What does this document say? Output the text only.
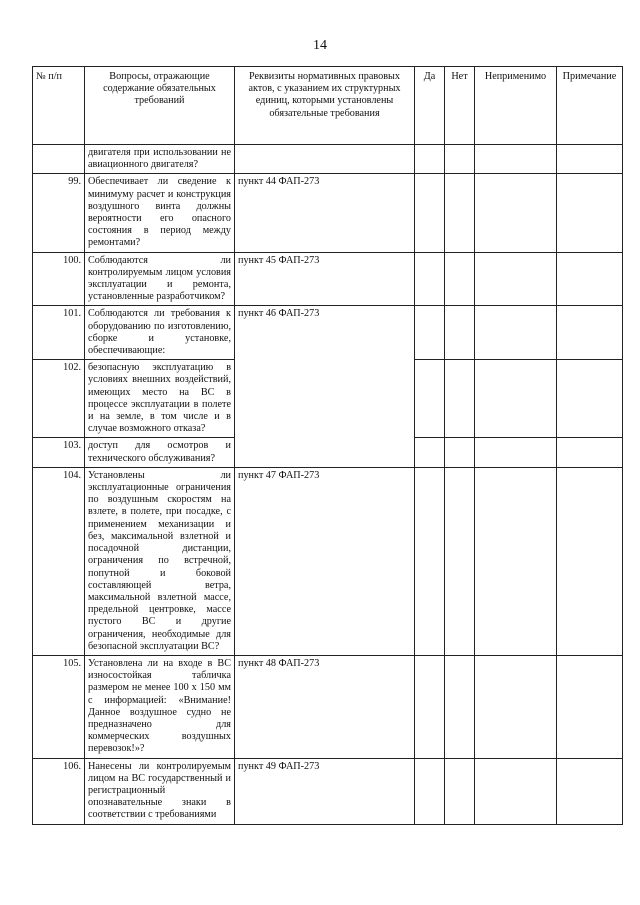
14
№ п/п	Вопросы, отражающие содержание обязательных требований	Реквизиты нормативных правовых актов, с указанием их структурных единиц, которыми установлены обязательные требования	Да	Нет	Неприменимо	Примечание
	двигателя при использовании не авиационного двигателя?					
99.	Обеспечивает ли сведение к минимуму расчет и конструкция воздушного винта должны вероятности его опасного состояния в период между ремонтами?	пункт 44 ФАП-273				
100.	Соблюдаются ли контролируемым лицом условия эксплуатации и ремонта, установленные разработчиком?	пункт 45 ФАП-273				
101.	Соблюдаются ли требования к оборудованию по изготовлению, сборке и установке, обеспечивающие:	пункт 46 ФАП-273				
102.	безопасную эксплуатацию в условиях внешних воздействий, имеющих место на ВС в процессе эксплуатации в полете и на земле, в том числе и в случае возможного отказа?					
103.	доступ для осмотров и технического обслуживания?					
104.	Установлены ли эксплуатационные ограничения по воздушным скоростям на взлете, в полете, при посадке, с применением механизации и без, максимальной взлетной и посадочной дистанции, ограничения по встречной, попутной и боковой составляющей ветра, максимальной взлетной массе, предельной центровке, массе пустого ВС и другие ограничения, необходимые для безопасной эксплуатации ВС?	пункт 47 ФАП-273				
105.	Установлена ли на входе в ВС износостойкая табличка размером не менее 100 x 150 мм с информацией: «Внимание! Данное воздушное судно не предназначено для коммерческих воздушных перевозок!»?	пункт 48 ФАП-273				
106.	Нанесены ли контролируемым лицом на ВС государственный и регистрационный опознавательные знаки в соответствии с требованиями	пункт 49 ФАП-273				
